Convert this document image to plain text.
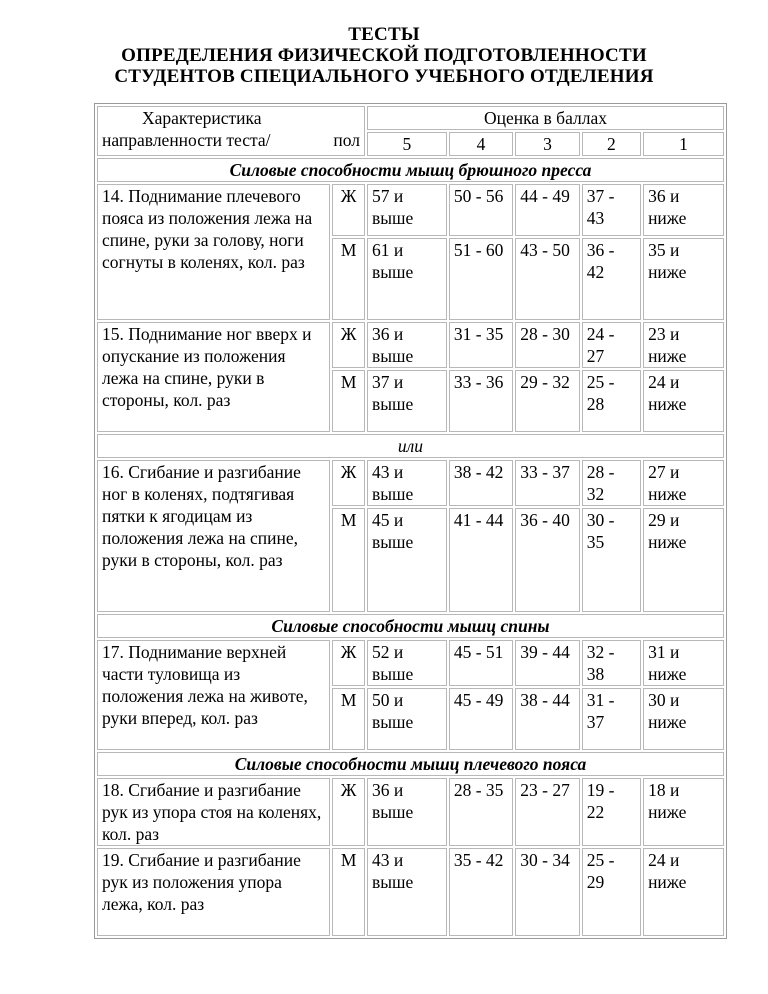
ТЕСТЫ
ОПРЕДЕЛЕНИЯ ФИЗИЧЕСКОЙ ПОДГОТОВЛЕННОСТИ
СТУДЕНТОВ СПЕЦИАЛЬНОГО УЧЕБНОГО ОТДЕЛЕНИЯ
Характеристика
направленности теста/ пол		Оценка в баллах				
		5	4	3	2	1
Силовые способности мышц брюшного пресса						
14. Поднимание плечевого пояса из положения лежа на спине, руки за голову, ноги согнуты в коленях, кол. раз	Ж	57 и выше	50 - 56	44 - 49	37 - 43	36 и ниже
	М	61 и выше	51 - 60	43 - 50	36 - 42	35 и ниже
15. Поднимание ног вверх и опускание из положения лежа на спине, руки в стороны, кол. раз	Ж	36 и выше	31 - 35	28 - 30	24 - 27	23 и ниже
	М	37 и выше	33 - 36	29 - 32	25 - 28	24 и ниже
или						
16. Сгибание и разгибание ног в коленях, подтягивая пятки к ягодицам из положения лежа на спине, руки в стороны, кол. раз	Ж	43 и выше	38 - 42	33 - 37	28 - 32	27 и ниже
	М	45 и выше	41 - 44	36 - 40	30 - 35	29 и ниже
Силовые способности мышц спины						
17. Поднимание верхней части туловища из положения лежа на животе, руки вперед, кол. раз	Ж	52 и выше	45 - 51	39 - 44	32 - 38	31 и ниже
	М	50 и выше	45 - 49	38 - 44	31 - 37	30 и ниже
Силовые способности мышц плечевого пояса						
18. Сгибание и разгибание рук из упора стоя на коленях, кол. раз	Ж	36 и выше	28 - 35	23 - 27	19 - 22	18 и ниже
19. Сгибание и разгибание рук из положения упора лежа, кол. раз	М	43 и выше	35 - 42	30 - 34	25 - 29	24 и ниже
